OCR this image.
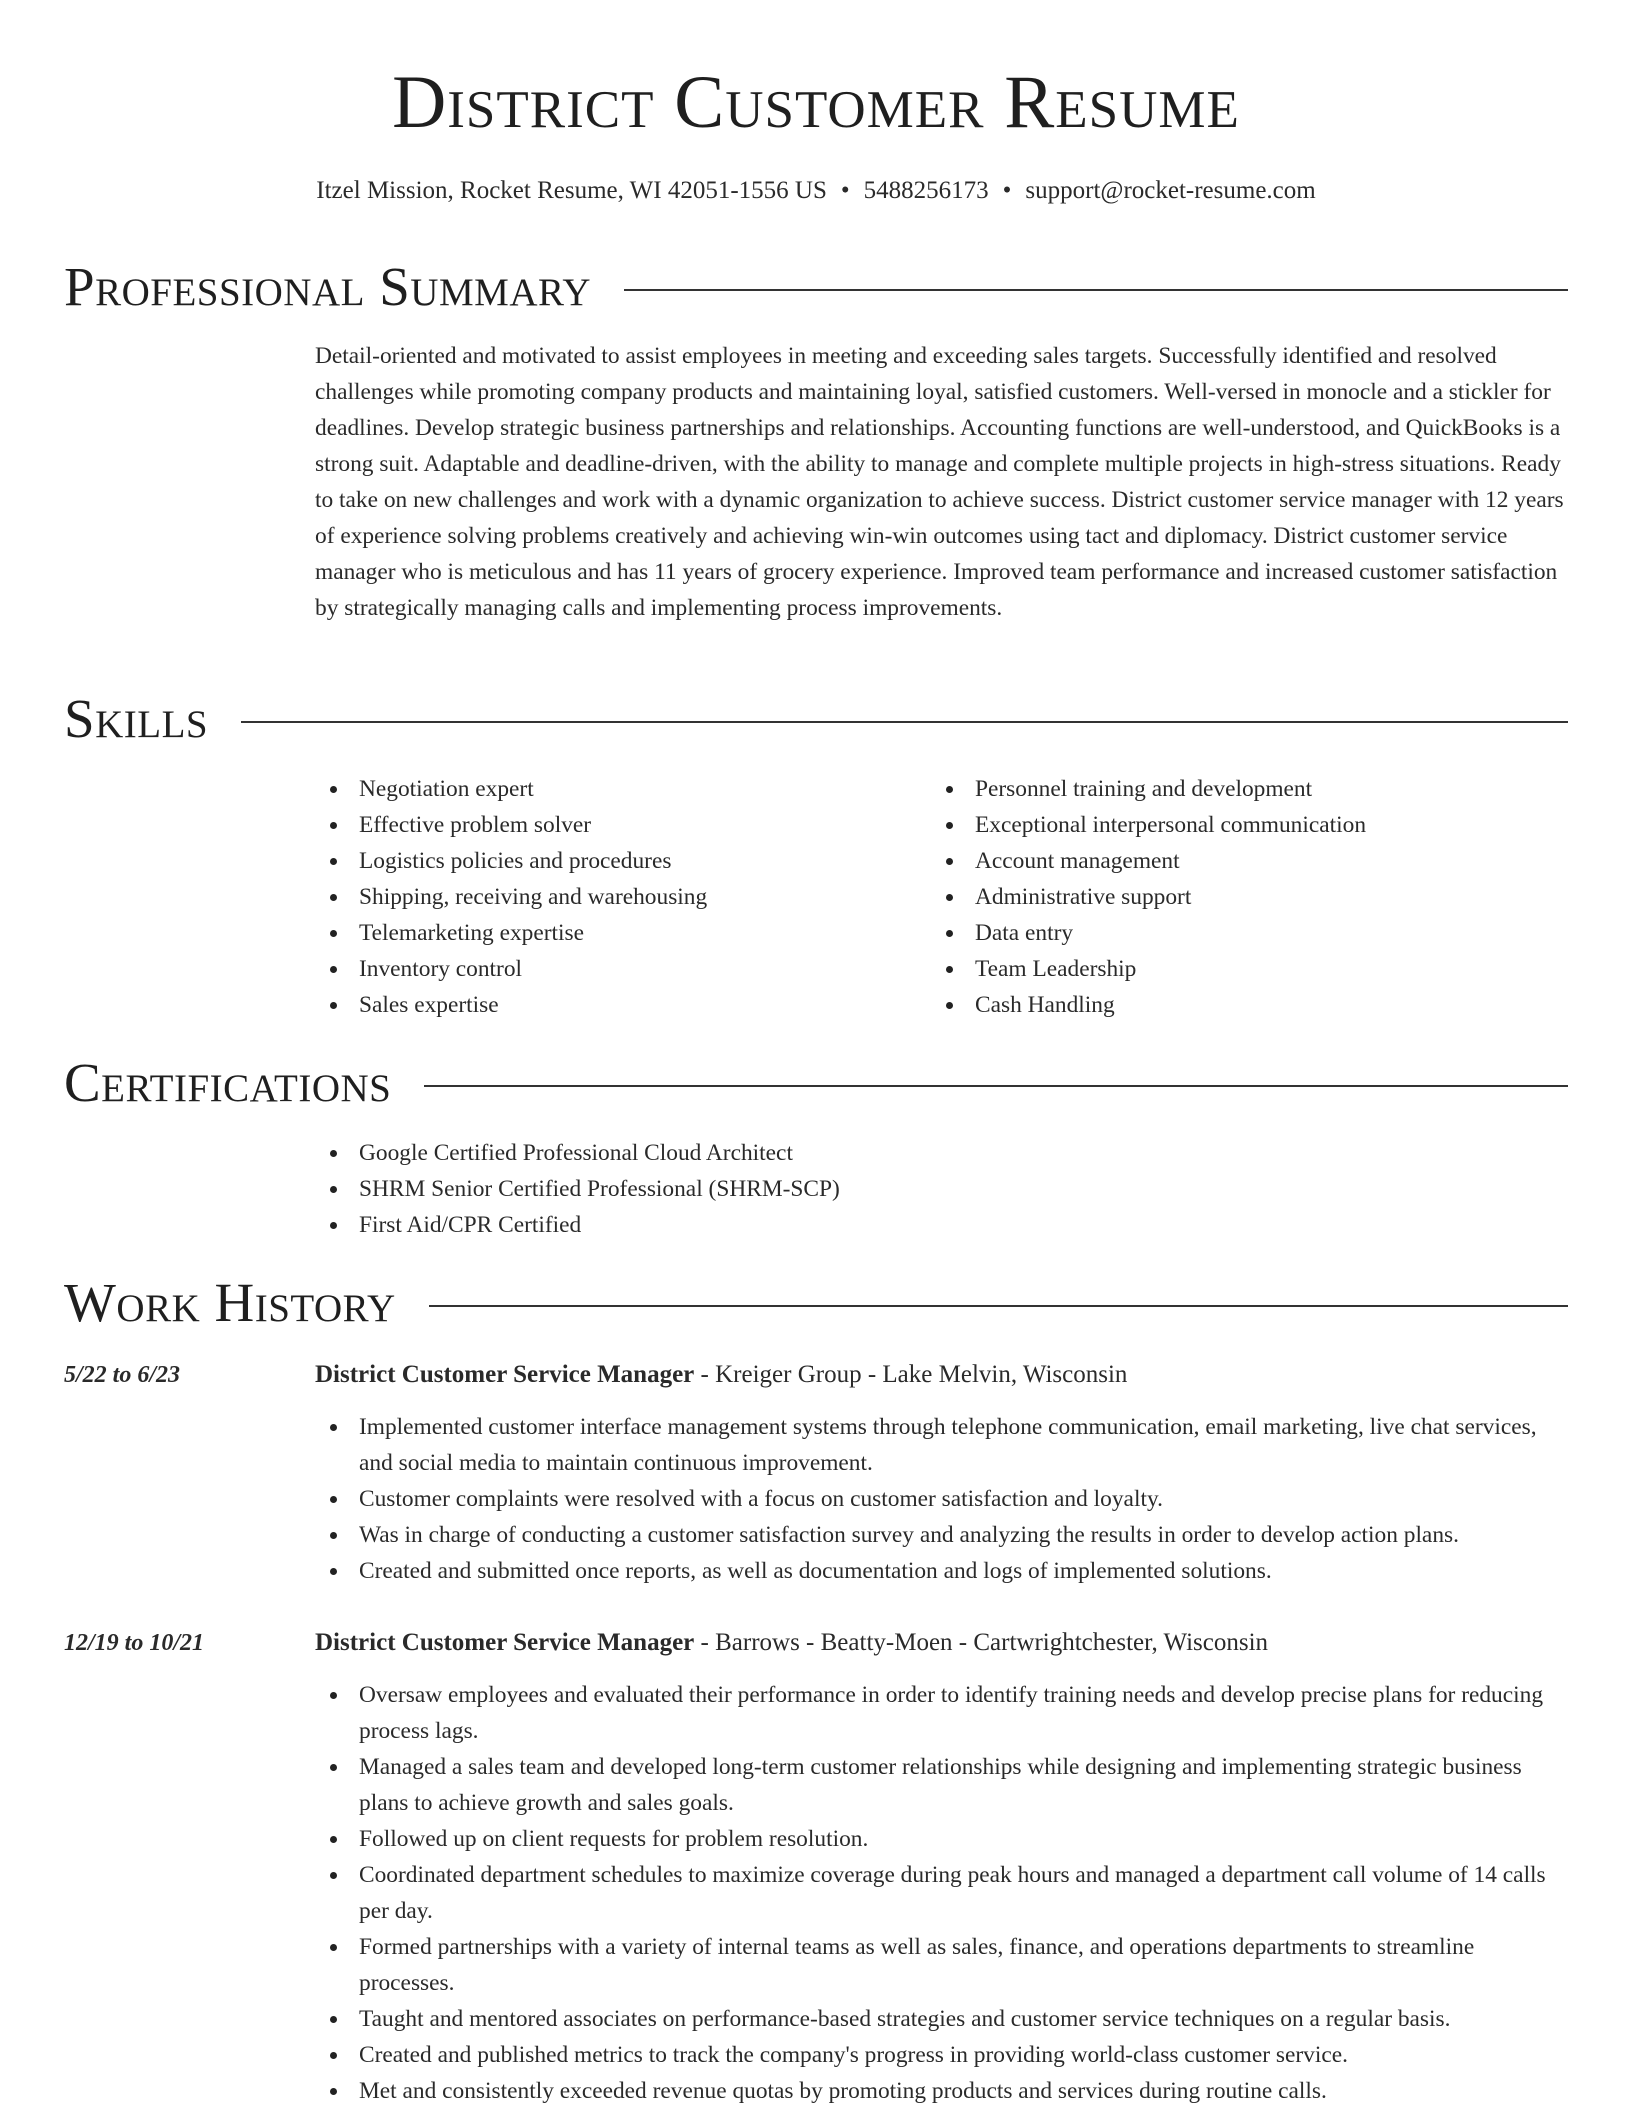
District Customer Resume
Itzel Mission, Rocket Resume, WI 42051-1556 US • 5488256173 • support@rocket-resume.com
Professional Summary

Detail-oriented and motivated to assist employees in meeting and exceeding sales targets. Successfully identified and resolved challenges while promoting company products and maintaining loyal, satisfied customers. Well-versed in monocle and a stickler for deadlines. Develop strategic business partnerships and relationships. Accounting functions are well-understood, and QuickBooks is a strong suit. Adaptable and deadline-driven, with the ability to manage and complete multiple projects in high-stress situations. Ready to take on new challenges and work with a dynamic organization to achieve success. District customer service manager with 12 years of experience solving problems creatively and achieving win-win outcomes using tact and diplomacy. District customer service manager who is meticulous and has 11 years of grocery experience. Improved team performance and increased customer satisfaction by strategically managing calls and implementing process improvements.

Skills
Negotiation expert
Effective problem solver
Logistics policies and procedures
Shipping, receiving and warehousing
Telemarketing expertise
Inventory control
Sales expertise
Personnel training and development
Exceptional interpersonal communication
Account management
Administrative support
Data entry
Team Leadership
Cash Handling
Certifications
Google Certified Professional Cloud Architect
SHRM Senior Certified Professional (SHRM-SCP)
First Aid/CPR Certified
Work History
5/22 to 6/23	District Customer Service Manager - Kreiger Group - Lake Melvin, Wisconsin
Implemented customer interface management systems through telephone communication, email marketing, live chat services, and social media to maintain continuous improvement.
Customer complaints were resolved with a focus on customer satisfaction and loyalty.
Was in charge of conducting a customer satisfaction survey and analyzing the results in order to develop action plans.
Created and submitted once reports, as well as documentation and logs of implemented solutions.
12/19 to 10/21	District Customer Service Manager - Barrows - Beatty-Moen - Cartwrightchester, Wisconsin
Oversaw employees and evaluated their performance in order to identify training needs and develop precise plans for reducing process lags.
Managed a sales team and developed long-term customer relationships while designing and implementing strategic business plans to achieve growth and sales goals.
Followed up on client requests for problem resolution.
Coordinated department schedules to maximize coverage during peak hours and managed a department call volume of 14 calls per day.
Formed partnerships with a variety of internal teams as well as sales, finance, and operations departments to streamline processes.
Taught and mentored associates on performance-based strategies and customer service techniques on a regular basis.
Created and published metrics to track the company's progress in providing world-class customer service.
Met and consistently exceeded revenue quotas by promoting products and services during routine calls.
